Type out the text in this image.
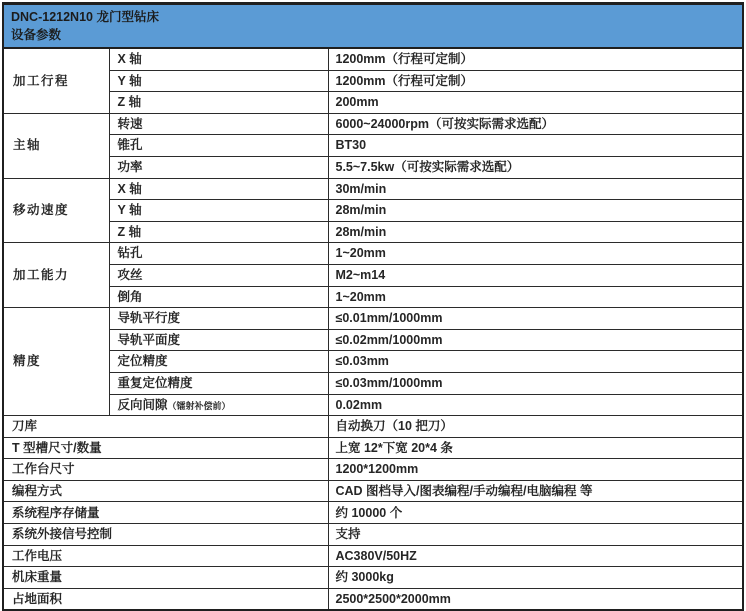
DNC-1212N10 龙门型钻床
设备参数		

加工行程	X 轴	1200mm（行程可定制）
	Y 轴	1200mm（行程可定制）
	Z 轴	200mm
主轴	转速	6000~24000rpm（可按实际需求选配）
	锥孔	BT30
	功率	5.5~7.5kw（可按实际需求选配）
移动速度	X 轴	30m/min
	Y 轴	28m/min
	Z 轴	28m/min
加工能力	钻孔	1~20mm
	攻丝	M2~m14
	倒角	1~20mm
精度	导轨平行度	≤0.01mm/1000mm
	导轨平面度	≤0.02mm/1000mm
	定位精度	≤0.03mm
	重复定位精度	≤0.03mm/1000mm
	反向间隙（镭射补偿前）	0.02mm
刀库		自动换刀（10 把刀）
T 型槽尺寸/数量		上宽 12*下宽 20*4 条
工作台尺寸		1200*1200mm
编程方式		CAD 图档导入/图表编程/手动编程/电脑编程 等
系统程序存储量		约 10000 个
系统外接信号控制		支持
工作电压		AC380V/50HZ
机床重量		约 3000kg
占地面积		2500*2500*2000mm
